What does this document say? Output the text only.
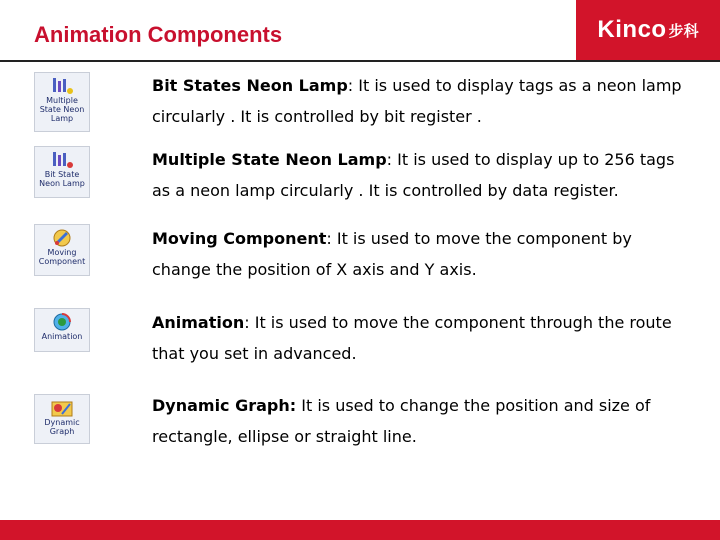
Animation Components	Kinco 步科
Multiple
State Neon
Lamp
Bit States Neon Lamp: It is used to display tags as a neon lamp circularly . It is controlled by bit register .
Bit State
Neon Lamp
Multiple State Neon Lamp: It is used to display up to 256 tags as a neon lamp circularly . It is controlled by data register.
Moving
Component
Moving Component: It is used to move the component by change the position of X axis and Y axis.
Animation
Animation: It is used to move the component through the route that you set in advanced.
Dynamic
Graph
Dynamic Graph: It is used to change the position and size of rectangle, ellipse or straight line.
